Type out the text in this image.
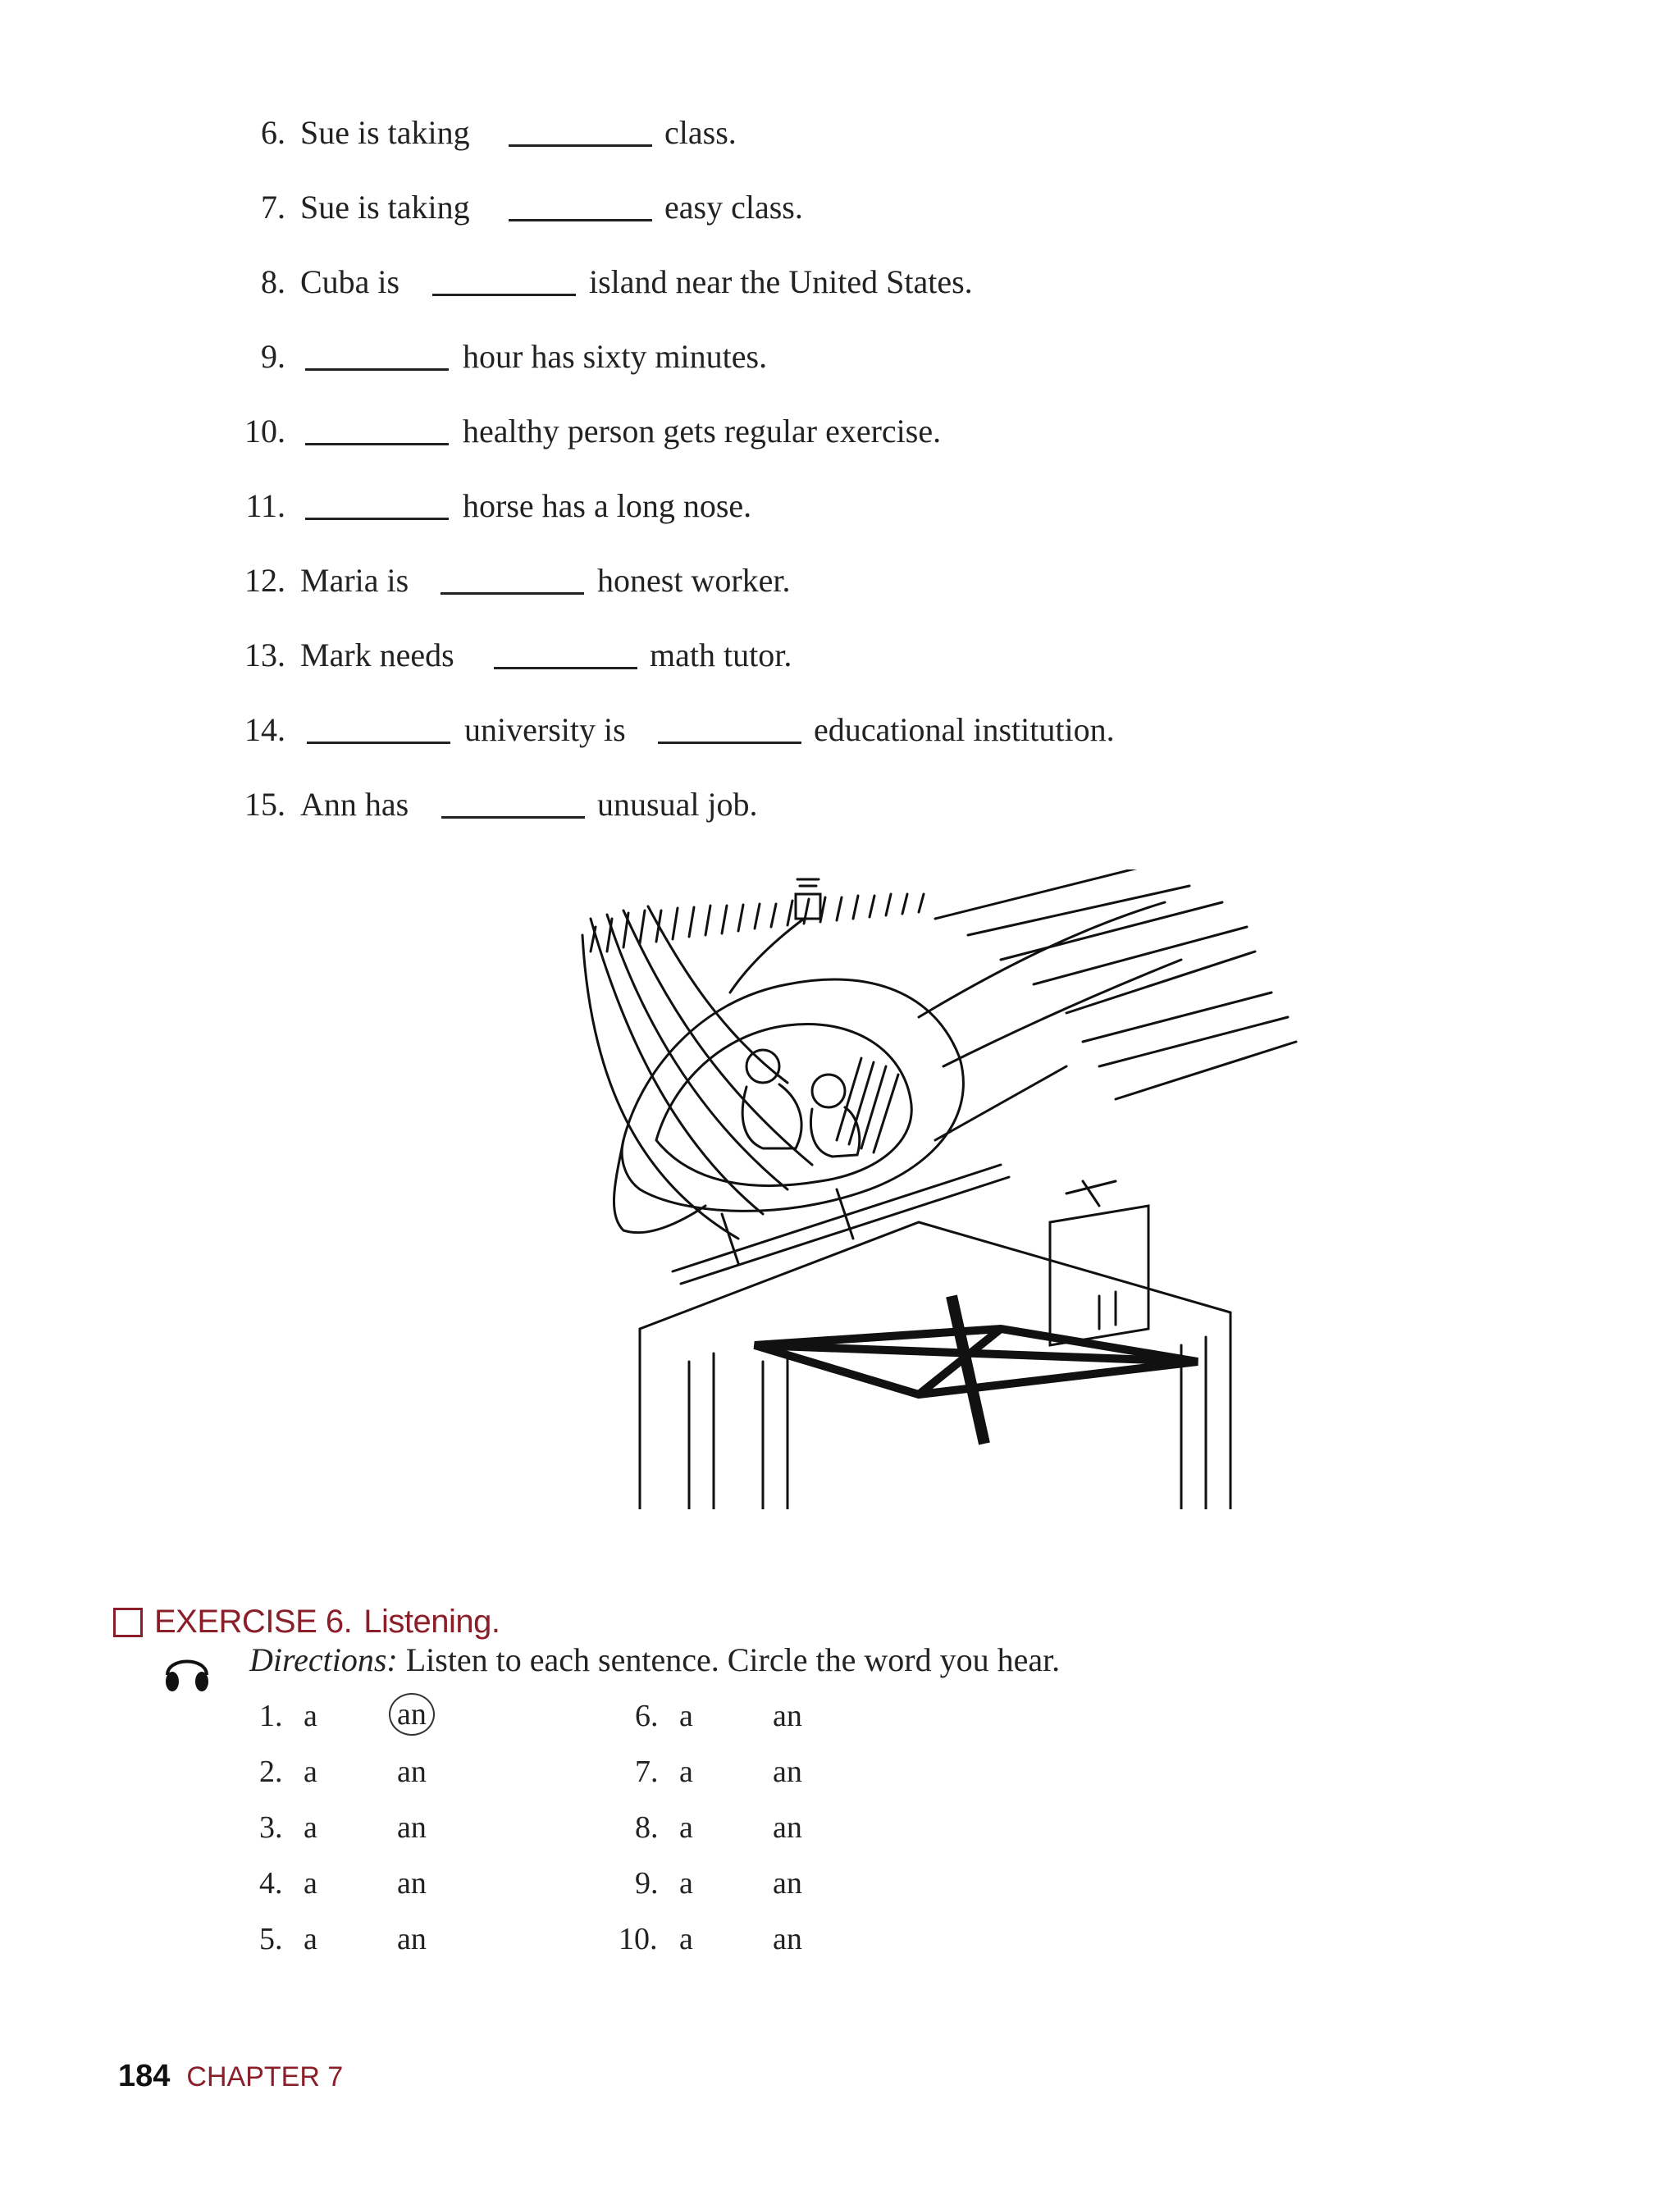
6. Sue is taking	class.
7. Sue is taking	easy class.
8. Cuba is	island near the United States.
9.	hour has sixty minutes.
10.	healthy person gets regular exercise.
11.	horse has a long nose.
12. Maria is	honest worker.
13. Mark needs	math tutor.
14.	university is	educational institution.
15. Ann has	unusual job.
EXERCISE 6. Listening.
Directions: Listen to each sentence. Circle the word you hear.
1. a	an
2. a	an
3. a	an
4. a	an
5. a	an
6. a	an
7. a	an
8. a	an
9. a	an
10. a	an
184 CHAPTER 7
